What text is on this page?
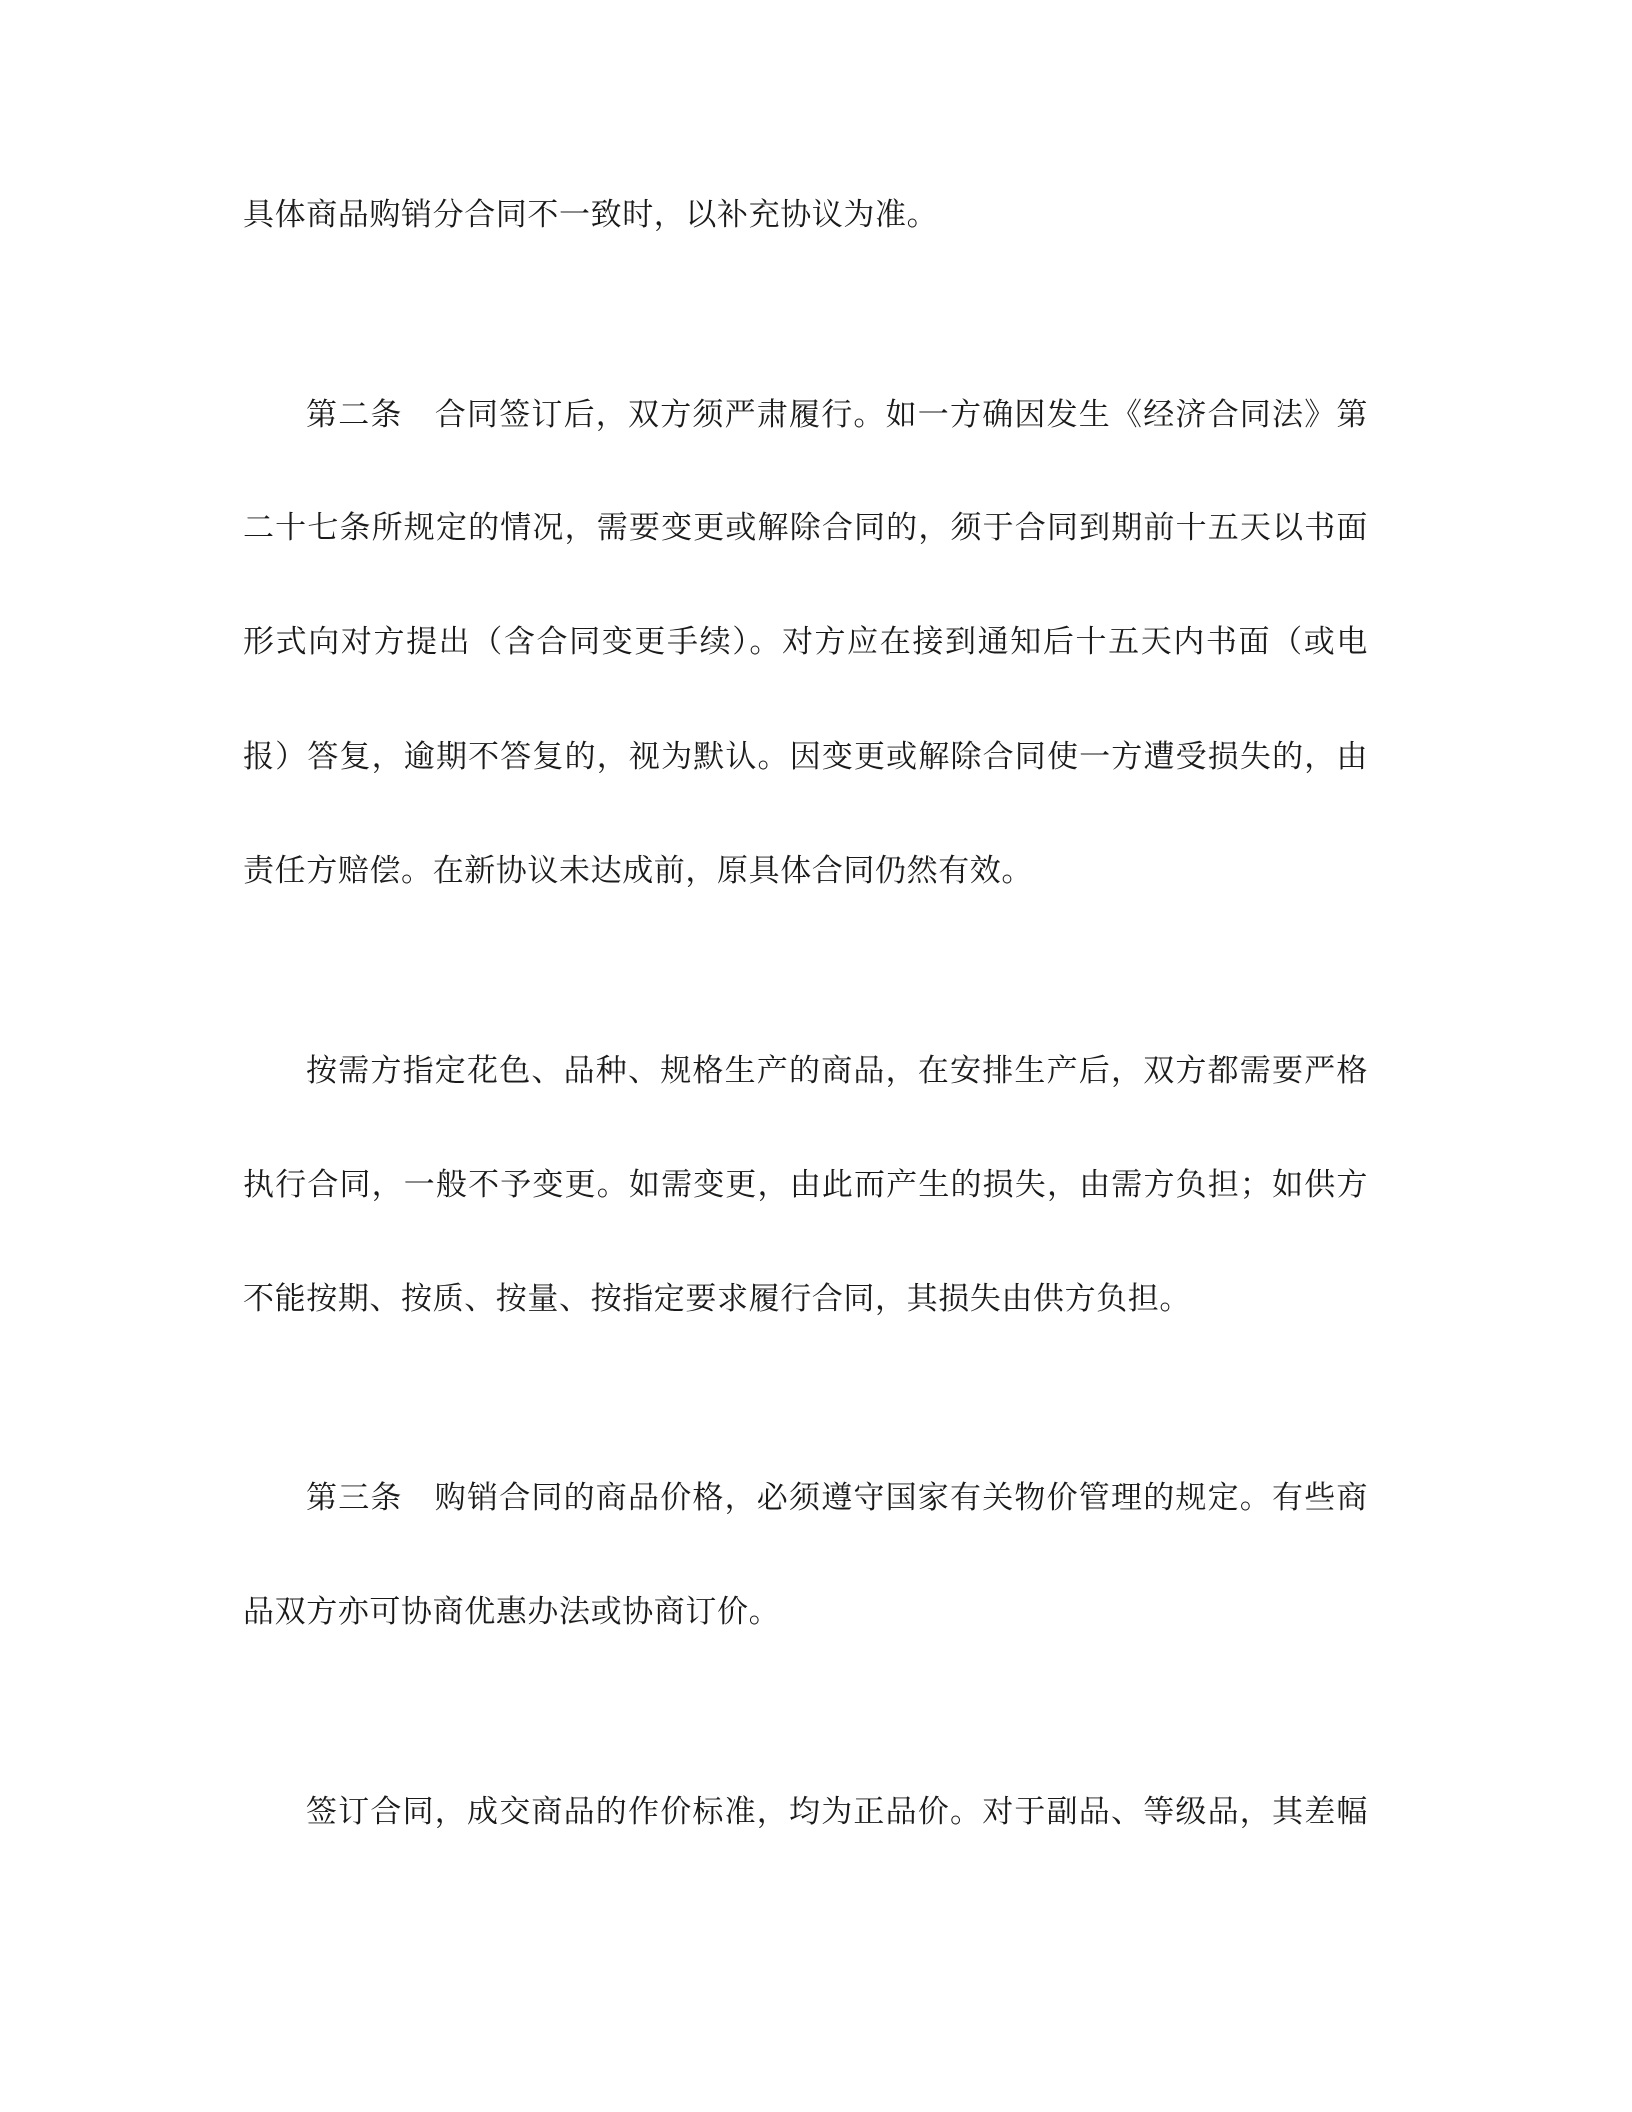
具体商品购销分合同不一致时，以补充协议为准。
第二条　合同签订后，双方须严肃履行。如一方确因发生《经济合同法》第
二十七条所规定的情况，需要变更或解除合同的，须于合同到期前十五天以书面
形式向对方提出（含合同变更手续）。对方应在接到通知后十五天内书面（或电
报）答复，逾期不答复的，视为默认。因变更或解除合同使一方遭受损失的，由
责任方赔偿。在新协议未达成前，原具体合同仍然有效。
按需方指定花色、品种、规格生产的商品，在安排生产后，双方都需要严格
执行合同，一般不予变更。如需变更，由此而产生的损失，由需方负担；如供方
不能按期、按质、按量、按指定要求履行合同，其损失由供方负担。
第三条　购销合同的商品价格，必须遵守国家有关物价管理的规定。有些商
品双方亦可协商优惠办法或协商订价。
签订合同，成交商品的作价标准，均为正品价。对于副品、等级品，其差幅
